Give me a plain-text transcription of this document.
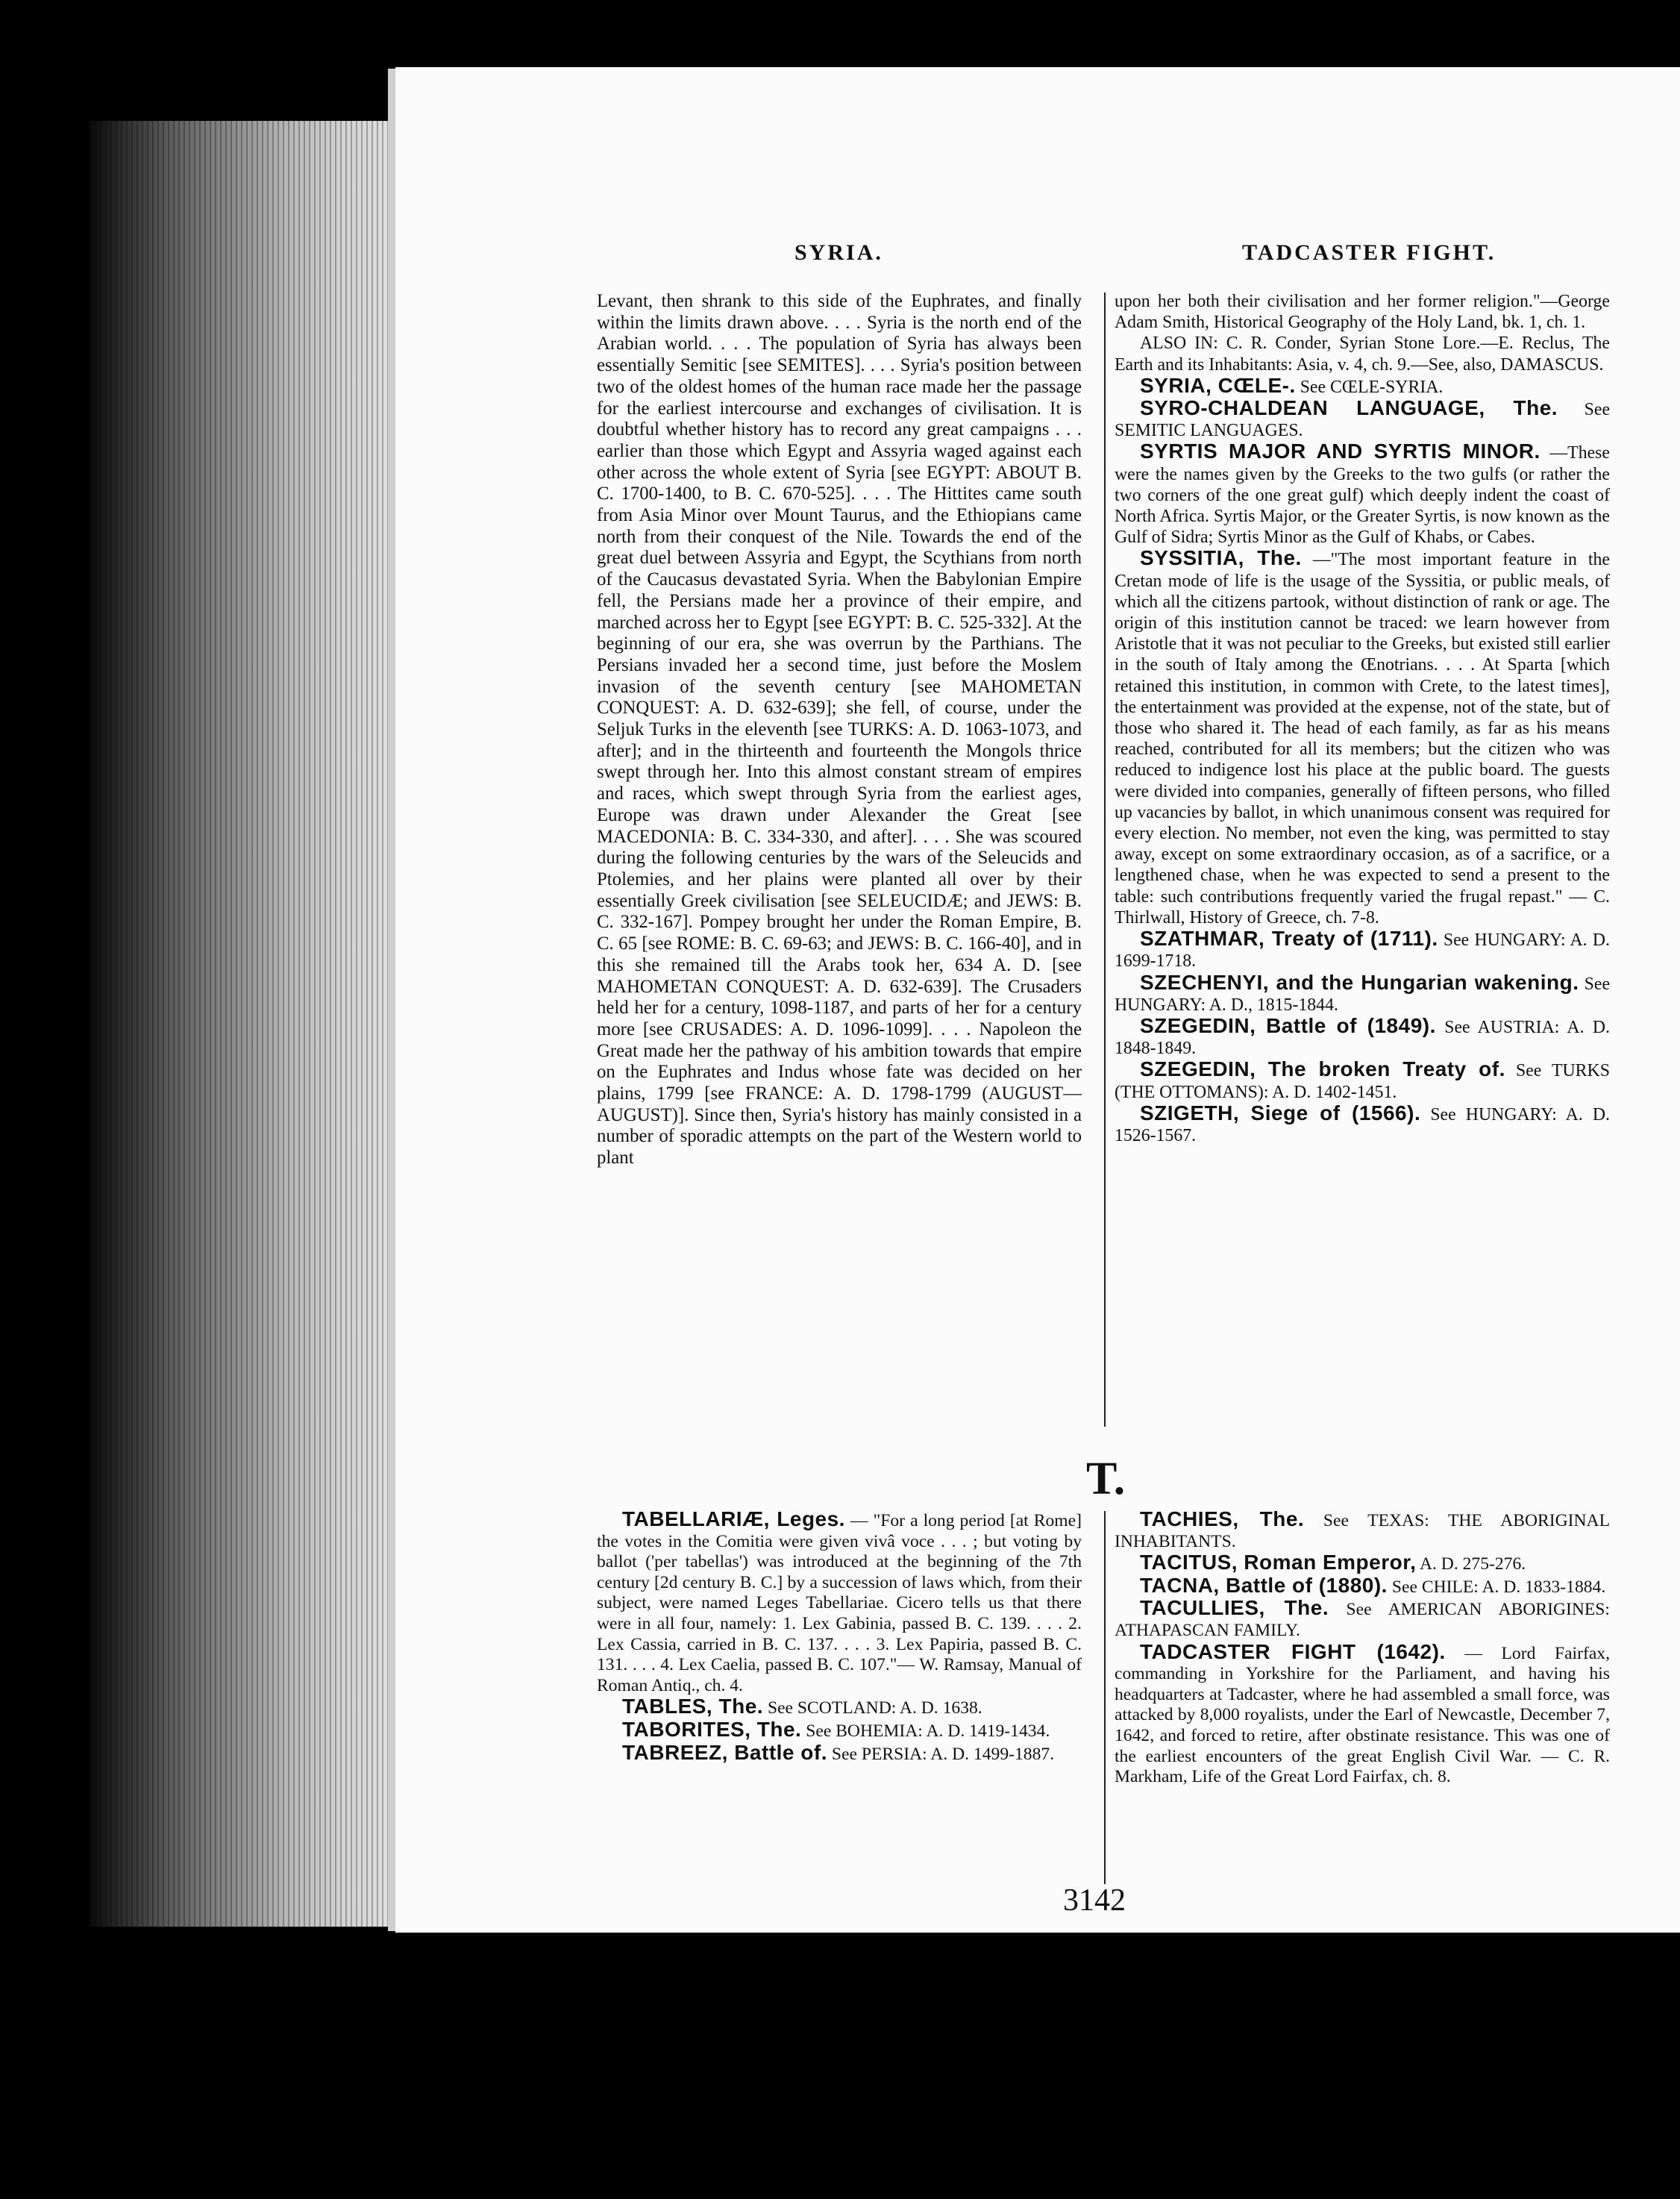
SYRIA.	TADCASTER FIGHT.

Levant, then shrank to this side of the Euphrates, and finally within the limits drawn above. . . . Syria is the north end of the Arabian world. . . . The population of Syria has always been essentially Semitic [see SEMITES]. . . . Syria's position between two of the oldest homes of the human race made her the passage for the earliest intercourse and exchanges of civilisation. It is doubtful whether history has to record any great campaigns . . . earlier than those which Egypt and Assyria waged against each other across the whole extent of Syria [see EGYPT: ABOUT B. C. 1700-1400, to B. C. 670-525]. . . . The Hittites came south from Asia Minor over Mount Taurus, and the Ethiopians came north from their conquest of the Nile. Towards the end of the great duel between Assyria and Egypt, the Scythians from north of the Caucasus devastated Syria. When the Babylonian Empire fell, the Persians made her a province of their empire, and marched across her to Egypt [see EGYPT: B. C. 525-332]. At the beginning of our era, she was overrun by the Parthians. The Persians invaded her a second time, just before the Moslem invasion of the seventh century [see MAHOMETAN CONQUEST: A. D. 632-639]; she fell, of course, under the Seljuk Turks in the eleventh [see TURKS: A. D. 1063-1073, and after]; and in the thirteenth and fourteenth the Mongols thrice swept through her. Into this almost constant stream of empires and races, which swept through Syria from the earliest ages, Europe was drawn under Alexander the Great [see MACEDONIA: B. C. 334-330, and after]. . . . She was scoured during the following centuries by the wars of the Seleucids and Ptolemies, and her plains were planted all over by their essentially Greek civilisation [see SELEUCIDÆ; and JEWS: B. C. 332-167]. Pompey brought her under the Roman Empire, B. C. 65 [see ROME: B. C. 69-63; and JEWS: B. C. 166-40], and in this she remained till the Arabs took her, 634 A. D. [see MAHOMETAN CONQUEST: A. D. 632-639]. The Crusaders held her for a century, 1098-1187, and parts of her for a century more [see CRUSADES: A. D. 1096-1099]. . . . Napoleon the Great made her the pathway of his ambition towards that empire on the Euphrates and Indus whose fate was decided on her plains, 1799 [see FRANCE: A. D. 1798-1799 (AUGUST—AUGUST)]. Since then, Syria's history has mainly consisted in a number of sporadic attempts on the part of the Western world to plant

upon her both their civilisation and her former religion."—George Adam Smith, Historical Geography of the Holy Land, bk. 1, ch. 1.

ALSO IN: C. R. Conder, Syrian Stone Lore.—E. Reclus, The Earth and its Inhabitants: Asia, v. 4, ch. 9.—See, also, DAMASCUS.

SYRIA, CŒLE-. See CŒLE-SYRIA.

SYRO-CHALDEAN LANGUAGE, The. See SEMITIC LANGUAGES.

SYRTIS MAJOR AND SYRTIS MINOR. —These were the names given by the Greeks to the two gulfs (or rather the two corners of the one great gulf) which deeply indent the coast of North Africa. Syrtis Major, or the Greater Syrtis, is now known as the Gulf of Sidra; Syrtis Minor as the Gulf of Khabs, or Cabes.

SYSSITIA, The. —"The most important feature in the Cretan mode of life is the usage of the Syssitia, or public meals, of which all the citizens partook, without distinction of rank or age. The origin of this institution cannot be traced: we learn however from Aristotle that it was not peculiar to the Greeks, but existed still earlier in the south of Italy among the Œnotrians. . . . At Sparta [which retained this institution, in common with Crete, to the latest times], the entertainment was provided at the expense, not of the state, but of those who shared it. The head of each family, as far as his means reached, contributed for all its members; but the citizen who was reduced to indigence lost his place at the public board. The guests were divided into companies, generally of fifteen persons, who filled up vacancies by ballot, in which unanimous consent was required for every election. No member, not even the king, was permitted to stay away, except on some extraordinary occasion, as of a sacrifice, or a lengthened chase, when he was expected to send a present to the table: such contributions frequently varied the frugal repast." — C. Thirlwall, History of Greece, ch. 7-8.

SZATHMAR, Treaty of (1711). See HUNGARY: A. D. 1699-1718.

SZECHENYI, and the Hungarian wakening. See HUNGARY: A. D., 1815-1844.

SZEGEDIN, Battle of (1849). See AUSTRIA: A. D. 1848-1849.

SZEGEDIN, The broken Treaty of. See TURKS (THE OTTOMANS): A. D. 1402-1451.

SZIGETH, Siege of (1566). See HUNGARY: A. D. 1526-1567.

T.

TABELLARIÆ, Leges. — "For a long period [at Rome] the votes in the Comitia were given vivâ voce . . . ; but voting by ballot ('per tabellas') was introduced at the beginning of the 7th century [2d century B. C.] by a succession of laws which, from their subject, were named Leges Tabellariae. Cicero tells us that there were in all four, namely: 1. Lex Gabinia, passed B. C. 139. . . . 2. Lex Cassia, carried in B. C. 137. . . . 3. Lex Papiria, passed B. C. 131. . . . 4. Lex Caelia, passed B. C. 107."— W. Ramsay, Manual of Roman Antiq., ch. 4.

TABLES, The. See SCOTLAND: A. D. 1638.

TABORITES, The. See BOHEMIA: A. D. 1419-1434.

TABREEZ, Battle of. See PERSIA: A. D. 1499-1887.

TACHIES, The. See TEXAS: THE ABORIGINAL INHABITANTS.

TACITUS, Roman Emperor, A. D. 275-276.

TACNA, Battle of (1880). See CHILE: A. D. 1833-1884.

TACULLIES, The. See AMERICAN ABORIGINES: ATHAPASCAN FAMILY.

TADCASTER FIGHT (1642). — Lord Fairfax, commanding in Yorkshire for the Parliament, and having his headquarters at Tadcaster, where he had assembled a small force, was attacked by 8,000 royalists, under the Earl of Newcastle, December 7, 1642, and forced to retire, after obstinate resistance. This was one of the earliest encounters of the great English Civil War. — C. R. Markham, Life of the Great Lord Fairfax, ch. 8.

3142
